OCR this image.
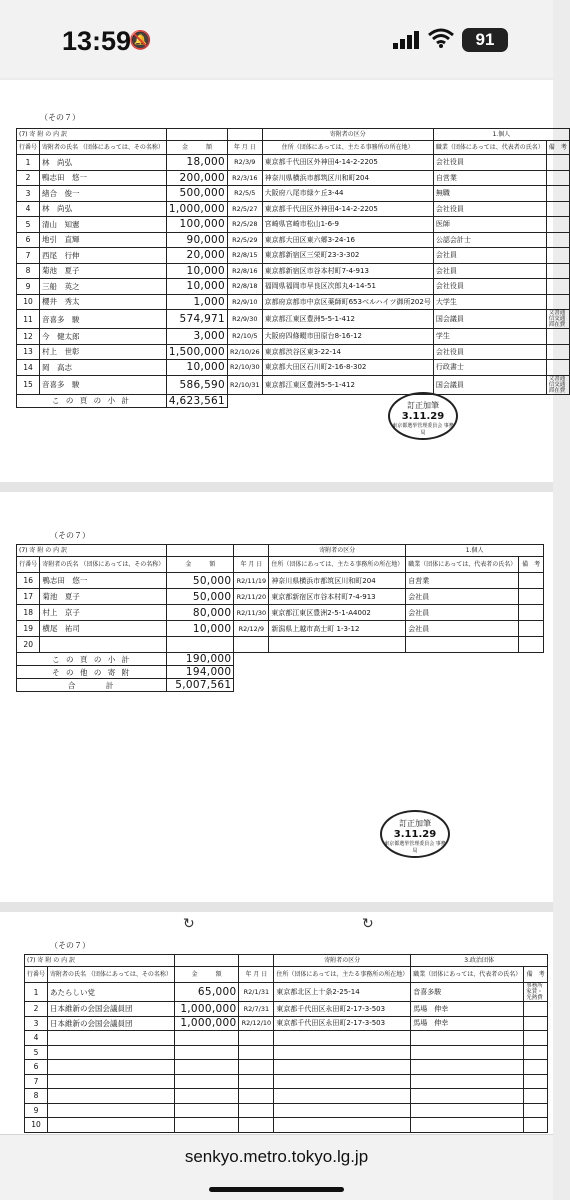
13:59
🔕	91
（その７）
(7) 寄 附 の 内 訳				寄附者の区分	1.個人	
行番号	寄附者の氏名 （団体にあっては、その名称）	金　　　額	年 月 日	住所（団体にあっては、主たる事務所の所在地）	職業（団体にあっては、代表者の氏名）	備　考
1	林　尚弘	18,000	R2/3/9	東京都千代田区外神田4-14-2-2205	会社役員	
2	鴨志田　悠一	200,000	R2/3/16	神奈川県横浜市都筑区川和町204	自営業	
3	緒合　俊一	500,000	R2/5/5	大阪府八尾市緑ケ丘3-44	無職	
4	林　尚弘	1,000,000	R2/5/27	東京都千代田区外神田4-14-2-2205	会社役員	
5	清山　知憲	100,000	R2/5/28	宮崎県宮崎市松山1-6-9	医師	
6	地引　直輝	90,000	R2/5/29	東京都大田区東六郷3-24-16	公認会計士	
7	西尾　行伸	20,000	R2/8/15	東京都新宿区三栄町23-3-302	会社員	
8	菊池　夏子	10,000	R2/8/16	東京都新宿区市谷本村町7-4-913	会社員	
9	三船　英之	10,000	R2/8/18	福岡県福岡市早良区次郎丸4-14-51	会社役員	
10	櫻井　秀太	1,000	R2/9/10	京都府京都市中京区薬師町653ベルハイツ御所202号	大学生	
11	音喜多　駿	574,971	R2/9/30	東京都江東区豊洲5-5-1-412	国会議員	文書通信交通滞在費
12	今　健太郎	3,000	R2/10/5	大阪府四條畷市田原台8-16-12	学生	
13	村上　世彰	1,500,000	R2/10/26	東京都渋谷区東3-22-14	会社役員	
14	岡　高志	10,000	R2/10/30	東京都大田区石川町2-16-8-302	行政書士	
15	音喜多　駿	586,590	R2/10/31	東京都江東区豊洲5-5-1-412	国会議員	文書通信交通滞在費
こ の 頁 の 小 計		4,623,561					訂正加筆
3.11.29
東京都選挙管理委員会 事務局
（その７）
(7) 寄 附 の 内 訳				寄附者の区分	1.個人	
行番号	寄附者の氏名 （団体にあっては、その名称）	金　　　額	年 月 日	住所（団体にあっては、主たる事務所の所在地）	職業（団体にあっては、代表者の氏名）	備　考
16	鴨志田　悠一	50,000	R2/11/19	神奈川県横浜市都筑区川和町204	自営業	
17	菊池　夏子	50,000	R2/11/20	東京都新宿区市谷本村町7-4-913	会社員	
18	村上　京子	80,000	R2/11/30	東京都江東区豊洲2-5-1-A4002	会社員	
19	横尾　祐司	10,000	R2/12/9	新潟県上越市高士町 1-3-12	会社員	
20						
こ の 頁 の 小 計		190,000				
そ の 他 の 寄 附		194,000				
合　　　計		5,007,561				
訂正加筆
3.11.29
東京都選挙管理委員会 事務局
↻	↻
（その７）
(7) 寄 附 の 内 訳				寄附者の区分	3.政治団体	
行番号	寄附者の氏名 （団体にあっては、その名称）	金　　　額	年 月 日	住所（団体にあっては、主たる事務所の所在地）	職業（団体にあっては、代表者の氏名）	備　考
1	あたらしい党	65,000	R2/1/31	東京都北区上十条2-25-14	音喜多駿	事務所家賃・光熱費
2	日本維新の会国会議員団	1,000,000	R2/7/31	東京都千代田区永田町2-17-3-503	馬場　伸幸	
3	日本維新の会国会議員団	1,000,000	R2/12/10	東京都千代田区永田町2-17-3-503	馬場　伸幸	
4						
5						
6						
7						
8						
9						
10						
senkyo.metro.tokyo.lg.jp
